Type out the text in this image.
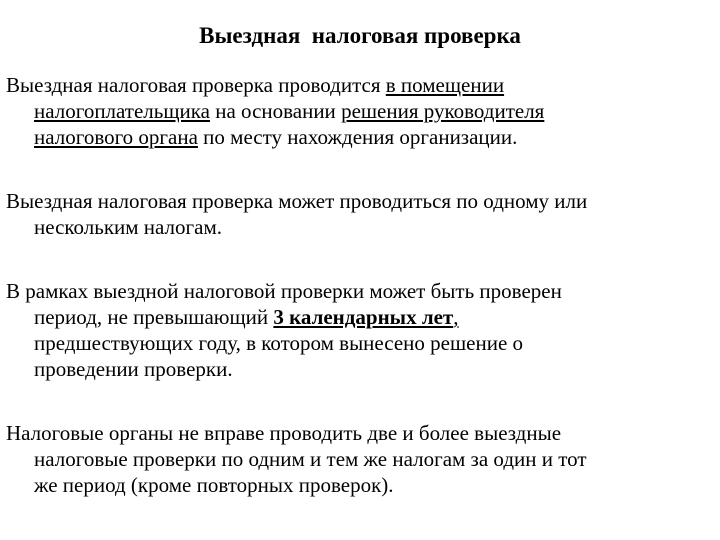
Выездная  налоговая проверка
Выездная налоговая проверка проводится в помещении
налогоплательщика на основании решения руководителя
налогового органа по месту нахождения организации.
Выездная налоговая проверка может проводиться по одному или
нескольким налогам.
В рамках выездной налоговой проверки может быть проверен
период, не превышающий 3 календарных лет,
предшествующих году, в котором вынесено решение о
проведении проверки.
Налоговые органы не вправе проводить две и более выездные
налоговые проверки по одним и тем же налогам за один и тот
же период (кроме повторных проверок).
